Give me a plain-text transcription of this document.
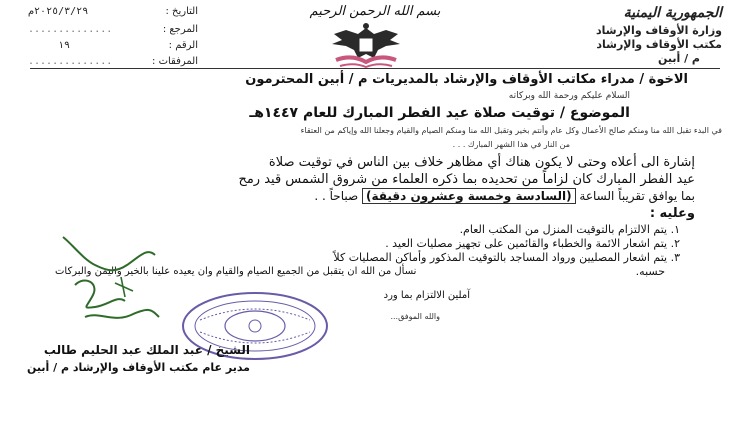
الجمهورية اليمنية
وزارة الأوقاف والإرشاد
مكتب الأوقاف والإرشاد
م / أبين
بسم الله الرحمن الرحيم
التاريخ :
٢٠٢٥/٣/٢٩م
المرجع :
..............
الرقم :
١٩
المرفقات :
..............
الاخوة / مدراء مكاتب الأوقاف والإرشاد بالمديريات م / أبين المحترمون
السلام عليكم ورحمة الله وبركاته
الموضوع / توقيت صلاة عيد الفطر المبارك للعام ١٤٤٧هـ
في البدء تقبل الله منا ومنكم صالح الأعمال وكل عام وأنتم بخير وتقبل الله منا ومنكم الصيام والقيام وجعلنا الله وإياكم من العتقاء
من النار في هذا الشهر المبارك . . .
إشارة الى أعلاه وحتى لا يكون هناك أي مظاهر خلاف بين الناس في توقيت صلاة
عيد الفطر المبارك كان لزاماً من تحديده بما ذكره العلماء من شروق الشمس قيد رمح
بما يوافق تقريباً الساعة (السادسة وخمسة وعشرون دقيقة) صباحاً . .
وعليه :
١. يتم الالتزام بالتوقيت المنزل من المكتب العام.
٢. يتم اشعار الائمة والخطباء والقائمين على تجهيز مصليات العيد .
٣. يتم اشعار المصليين ورواد المساجد بالتوقيت المذكور وأماكن المصليات كلاً
حسبه.
نسأل من الله ان يتقبل من الجميع الصيام والقيام وان يعيده علينا بالخير واليمن والبركات
آملين الالتزام بما ورد
والله الموفق...
الشيخ / عبد الملك عبد الحليم طالب
مدير عام مكتب الأوقاف والإرشاد م / أبين
